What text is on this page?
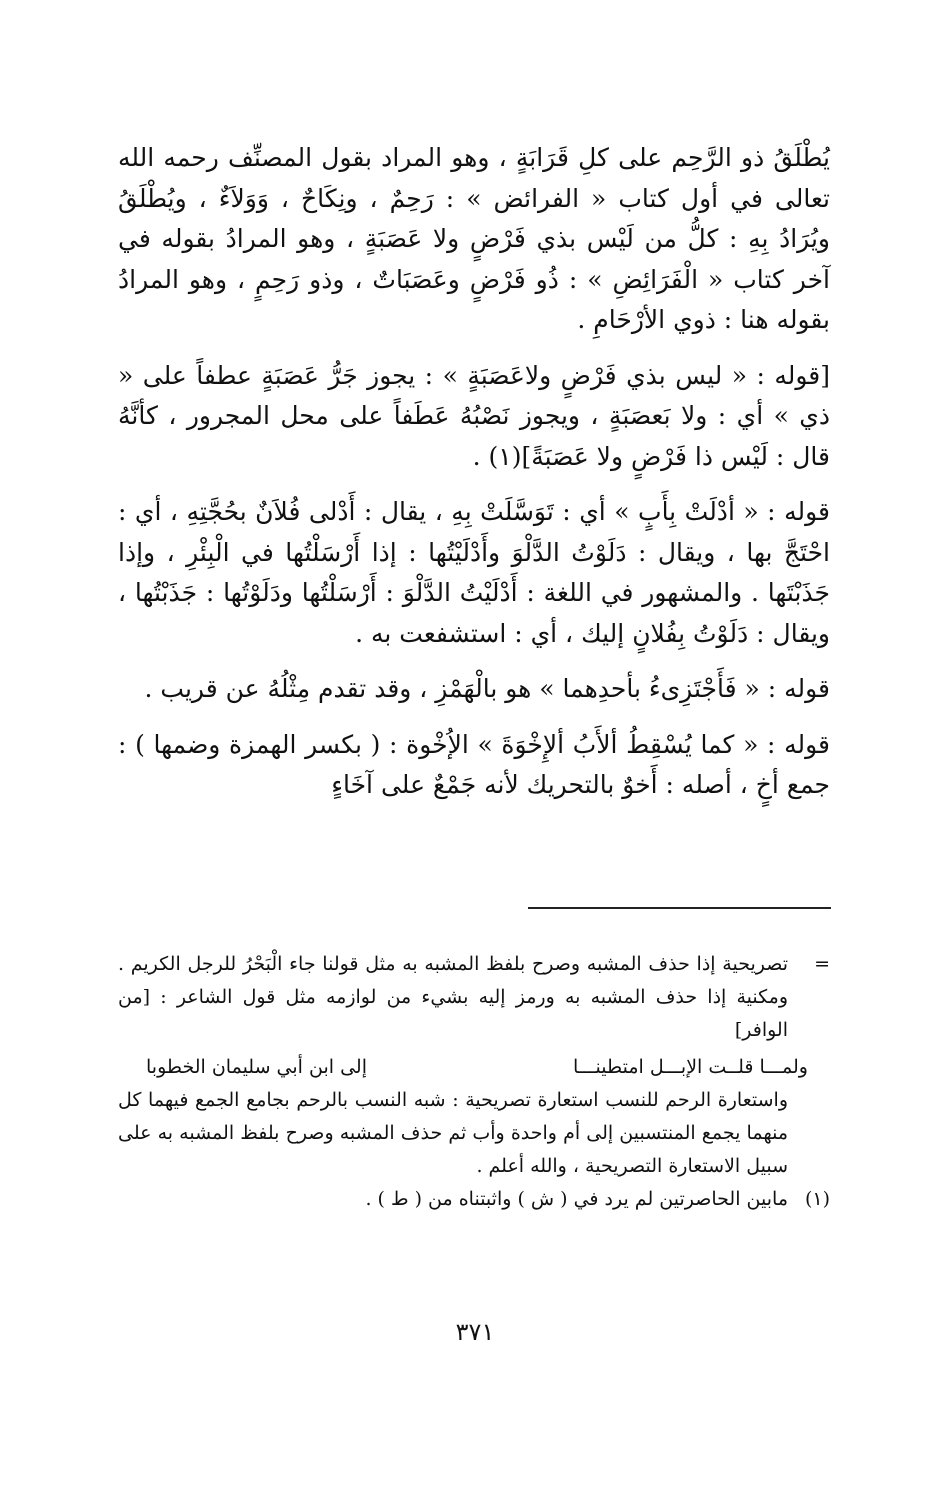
يُطْلَقُ ذو الرَّحِم على كلِ قَرَابَةٍ ، وهو المراد بقول المصنِّف رحمه الله تعالى في أول كتاب « الفرائض » : رَحِمٌ ، ونِكَاحٌ ، وَوَلاَءٌ ، ويُطْلَقُ ويُرَادُ بِهِ : كلُّ من لَيْس بذي فَرْضٍ ولا عَصَبَةٍ ، وهو المرادُ بقوله في آخر كتاب « الْفَرَائِضِ » : ذُو فَرْضٍ وعَصَبَاتٌ ، وذو رَحِمٍ ، وهو المرادُ بقوله هنا : ذوي الأرْحَامِ .

[قوله : « ليس بذي فَرْضٍ ولاعَصَبَةٍ » : يجوز جَرُّ عَصَبَةٍ عطفاً على « ذي » أي : ولا بَعصَبَةٍ ، ويجوز نَصْبُهُ عَطَفاً على محل المجرور ، كأنَّهُ قال : لَيْس ذا فَرْضٍ ولا عَصَبَةً](١) .

قوله : « أدْلَتْ بِأَبٍ » أي : تَوَسَّلَتْ بِهِ ، يقال : أَدْلى فُلاَنٌ بحُجَّتِهِ ، أي : احْتَجَّ بها ، ويقال : دَلَوْتُ الدَّلْوَ وأَدْلَيْتُها : إذا أَرْسَلْتُها في الْبِئْرِ ، وإذا جَذَبْتَها . والمشهور في اللغة : أَدْلَيْتُ الدَّلْوَ : أَرْسَلْتُها ودَلَوْتُها : جَذَبْتُها ، ويقال : دَلَوْتُ بِفُلانٍ إليك ، أي : استشفعت به .

قوله : « فَأَجْتَزِىءُ بأحدِهما » هو بالْهَمْزِ ، وقد تقدم مِثْلُهُ عن قريب .

قوله : « كما يُسْقِطُ ألأَبُ ألإِخْوَةَ » الإُخْوة : ( بكسر الهمزة وضمها ) : جمع أخٍ ، أصله : أَخوٌ بالتحريك لأنه جَمْعٌ على آخَاءٍ

=
تصريحية إذا حذف المشبه وصرح بلفظ المشبه به مثل قولنا جاء الْبَحْرُ للرجل الكريم . ومكنية إذا حذف المشبه به ورمز إليه بشيء من لوازمه مثل قول الشاعر : [من الوافر]
ولمـــا قلــت الإبـــل امتطينـــا
إلى ابن أبي سليمان الخطوبا

واستعارة الرحم للنسب استعارة تصريحية : شبه النسب بالرحم بجامع الجمع فيهما كل منهما يجمع المنتسبين إلى أم واحدة وأب ثم حذف المشبه وصرح بلفظ المشبه به على سبيل الاستعارة التصريحية ، والله أعلم .

(١)
مابين الحاصرتين لم يرد في ( ش ) واثبتناه من ( ط ) .
٣٧١
